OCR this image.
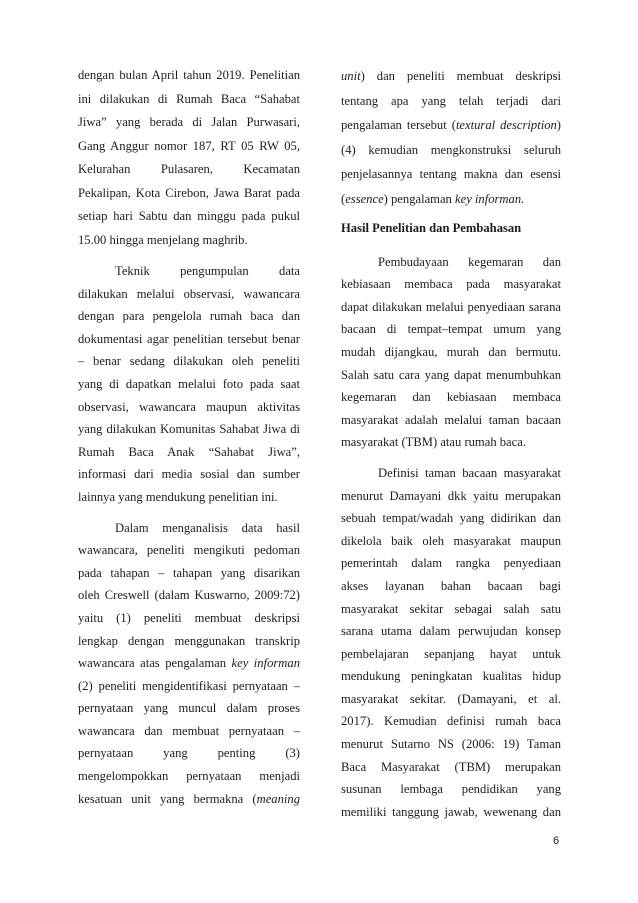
dengan bulan April tahun 2019. Penelitian
ini dilakukan di Rumah Baca “Sahabat
Jiwa” yang berada di Jalan Purwasari,
Gang Anggur nomor 187, RT 05 RW 05,
Kelurahan Pulasaren, Kecamatan
Pekalipan, Kota Cirebon, Jawa Barat pada
setiap hari Sabtu dan minggu pada pukul
15.00 hingga menjelang maghrib.
Teknik pengumpulan data
dilakukan melalui observasi, wawancara
dengan para pengelola rumah baca dan
dokumentasi agar penelitian tersebut benar
– benar sedang dilakukan oleh peneliti
yang di dapatkan melalui foto pada saat
observasi, wawancara maupun aktivitas
yang dilakukan Komunitas Sahabat Jiwa di
Rumah Baca Anak “Sahabat Jiwa”,
informasi dari media sosial dan sumber
lainnya yang mendukung penelitian ini.
Dalam menganalisis data hasil
wawancara, peneliti mengikuti pedoman
pada tahapan – tahapan yang disarikan
oleh Creswell (dalam Kuswarno, 2009:72)
yaitu (1) peneliti membuat deskripsi
lengkap dengan menggunakan transkrip
wawancara atas pengalaman key informan
(2) peneliti mengidentifikasi pernyataan –
pernyataan yang muncul dalam proses
wawancara dan membuat pernyataan –
pernyataan yang penting (3)
mengelompokkan pernyataan menjadi
kesatuan unit yang bermakna (meaning
unit) dan peneliti membuat deskripsi
tentang apa yang telah terjadi dari
pengalaman tersebut (textural description)
(4) kemudian mengkonstruksi seluruh
penjelasannya tentang makna dan esensi
(essence) pengalaman key informan.
Hasil Penelitian dan Pembahasan
Pembudayaan kegemaran dan
kebiasaan membaca pada masyarakat
dapat dilakukan melalui penyediaan sarana
bacaan di tempat–tempat umum yang
mudah dijangkau, murah dan bermutu.
Salah satu cara yang dapat menumbuhkan
kegemaran dan kebiasaan membaca
masyarakat adalah melalui taman bacaan
masyarakat (TBM) atau rumah baca.
Definisi taman bacaan masyarakat
menurut Damayani dkk yaitu merupakan
sebuah tempat/wadah yang didirikan dan
dikelola baik oleh masyarakat maupun
pemerintah dalam rangka penyediaan
akses layanan bahan bacaan bagi
masyarakat sekitar sebagai salah satu
sarana utama dalam perwujudan konsep
pembelajaran sepanjang hayat untuk
mendukung peningkatan kualitas hidup
masyarakat sekitar. (Damayani, et al.
2017). Kemudian definisi rumah baca
menurut Sutarno NS (2006: 19) Taman
Baca Masyarakat (TBM) merupakan
susunan lembaga pendidikan yang
memiliki tanggung jawab, wewenang dan
6
